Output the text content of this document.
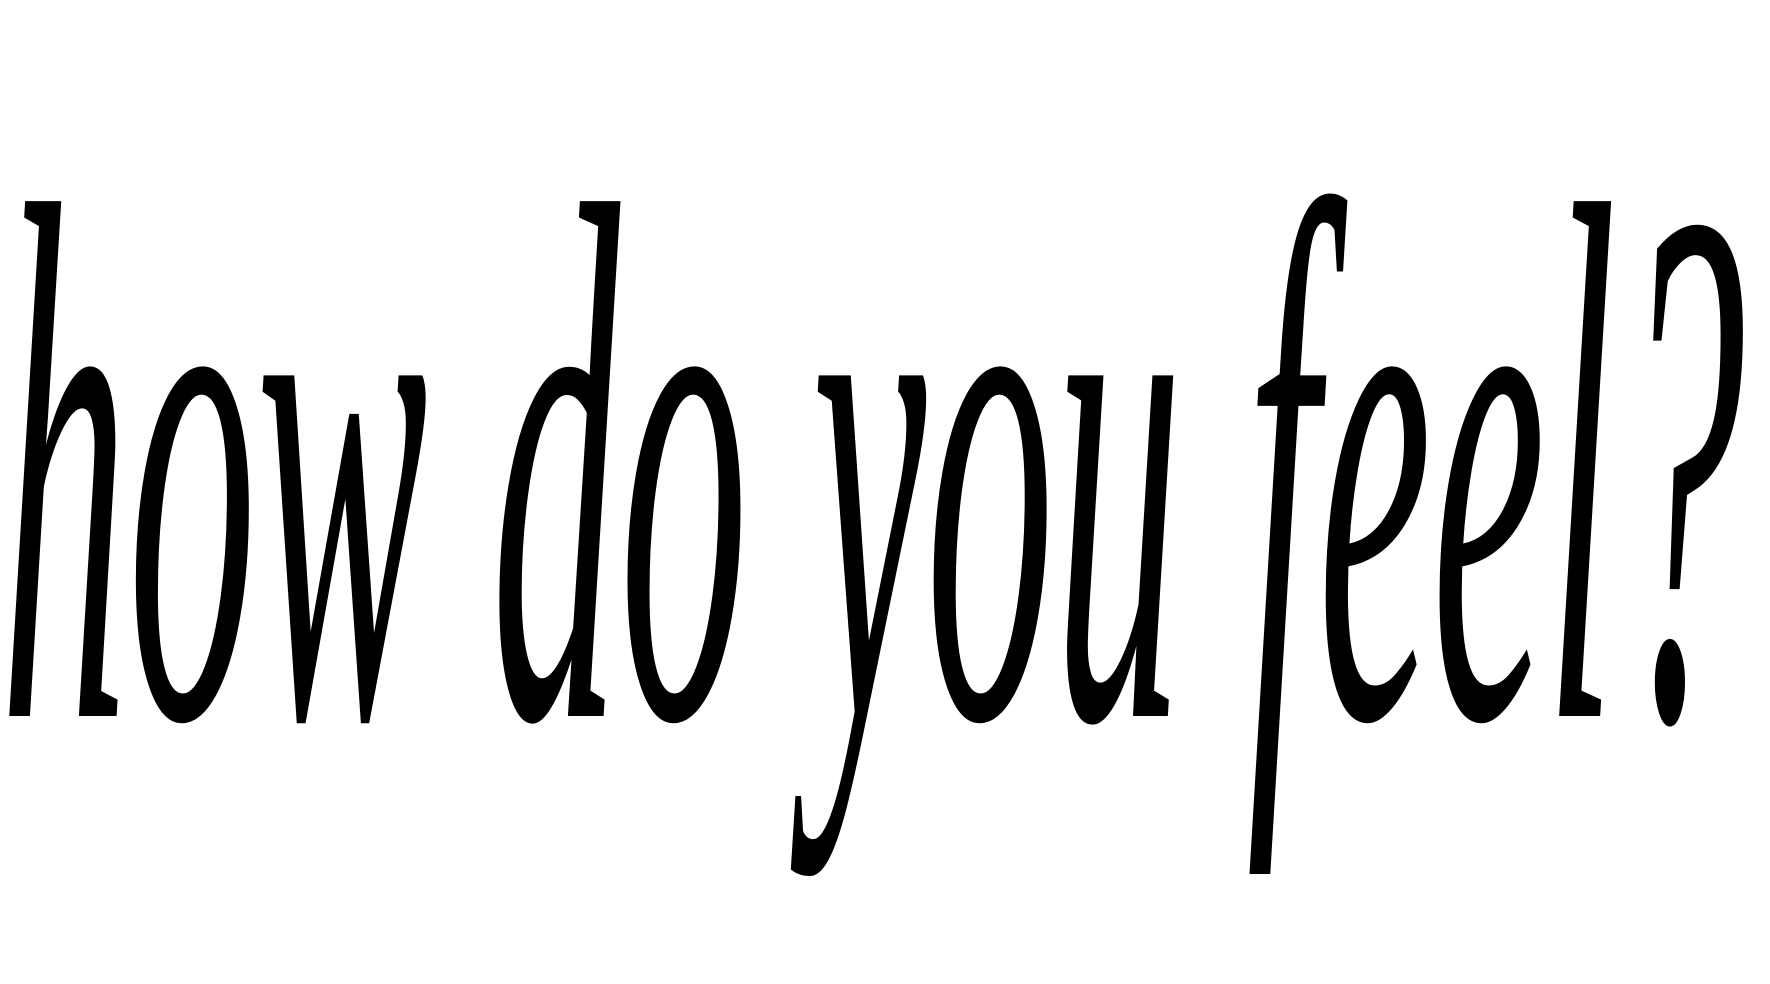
how do you feel?
